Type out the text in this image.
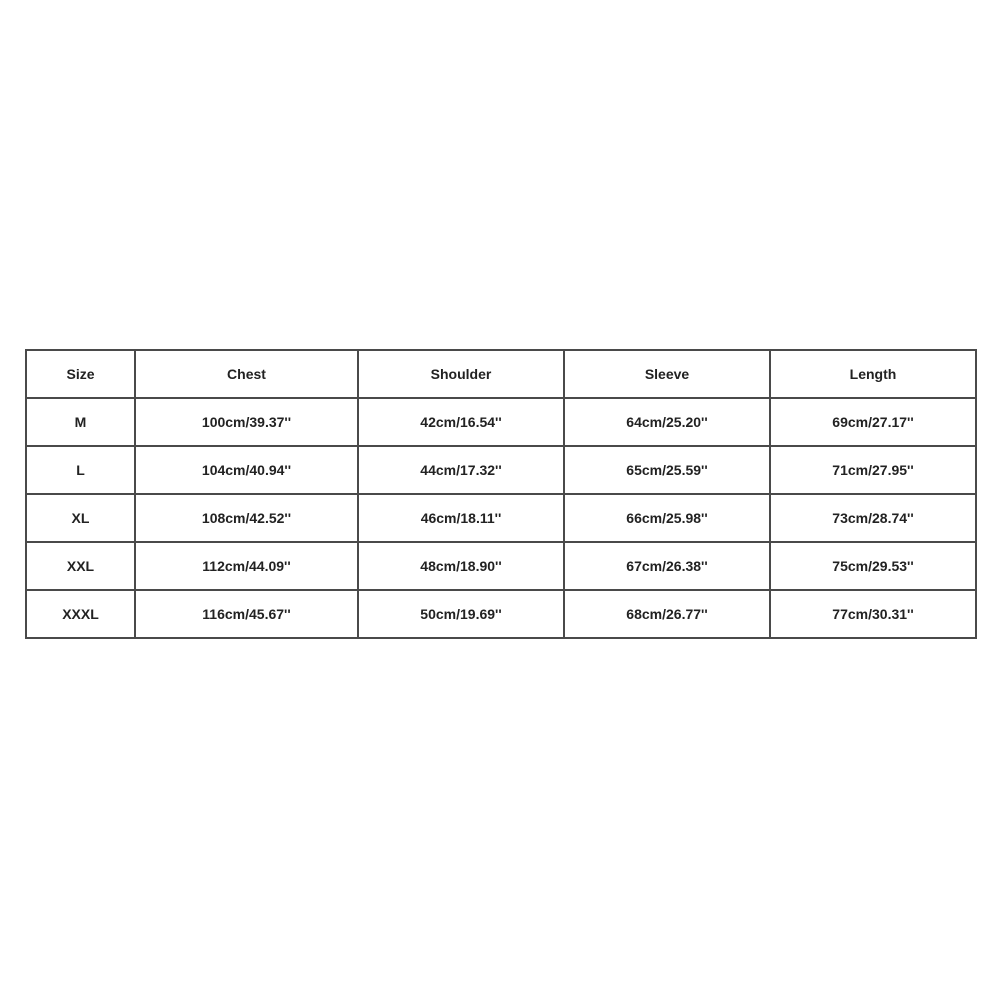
Size	Chest	Shoulder	Sleeve	Length
M	100cm/39.37''	42cm/16.54''	64cm/25.20''	69cm/27.17''
L	104cm/40.94''	44cm/17.32''	65cm/25.59''	71cm/27.95''
XL	108cm/42.52''	46cm/18.11''	66cm/25.98''	73cm/28.74''
XXL	112cm/44.09''	48cm/18.90''	67cm/26.38''	75cm/29.53''
XXXL	116cm/45.67''	50cm/19.69''	68cm/26.77''	77cm/30.31''
